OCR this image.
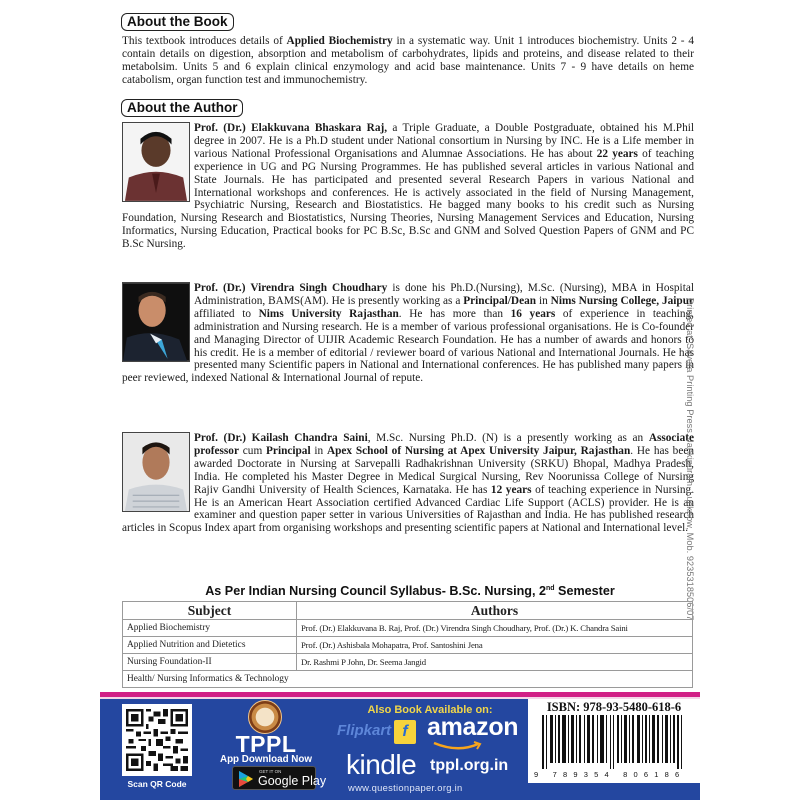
About the Book
This textbook introduces details of Applied Biochemistry in a systematic way. Unit 1 introduces biochemistry. Units 2 - 4 contain details on digestion, absorption and metabolism of carbohydrates, lipids and proteins, and disease related to their metabolsim. Units 5 and 6 explain clinical enzymology and acid base maintenance. Units 7 - 9 have details on heme catabolism, organ function test and immunochemistry.
About the Author
Prof. (Dr.) Elakkuvana Bhaskara Raj, a Triple Graduate, a Double Postgraduate, obtained his M.Phil degree in 2007. He is a Ph.D student under National consortium in Nursing by INC. He is a Life member in various National Professional Organisations and Alumnae Associations. He has about 22 years of teaching experience in UG and PG Nursing Programmes. He has published several articles in various National and State Journals. He has participated and presented several Research Papers in various National and International workshops and conferences. He is actively associated in the field of Nursing Management, Psychiatric Nursing, Research and Biostatistics. He bagged many books to his credit such as Nursing Foundation, Nursing Research and Biostatistics, Nursing Theories, Nursing Management Services and Education, Nursing Informatics, Nursing Education, Practical books for PC B.Sc, B.Sc and GNM and Solved Question Papers of GNM and PC B.Sc Nursing.
Prof. (Dr.) Virendra Singh Choudhary is done his Ph.D.(Nursing), M.Sc. (Nursing), MBA in Hospital Administration, BAMS(AM). He is presently working as a Principal/Dean in Nims Nursing College, Jaipur affiliated to Nims University Rajasthan. He has more than 16 years of experience in teaching, administration and Nursing research. He is a member of various professional organisations. He is Co-founder and Managing Director of UIJIR Academic Research Foundation. He has a number of awards and honors to his credit. He is a member of editorial / reviewer board of various National and International Journals. He has presented many Scientific papers in National and International conferences. He has published many papers in peer reviewed, indexed National & International Journal of repute.
Prof. (Dr.) Kailash Chandra Saini, M.Sc. Nursing Ph.D. (N) is a presently working as an Associate professor cum Principal in Apex School of Nursing at Apex University Jaipur, Rajasthan. He has been awarded Doctorate in Nursing at Sarvepalli Radhakrishnan University (SRKU) Bhopal, Madhya Pradesh, India. He completed his Master Degree in Medical Surgical Nursing, Rev Noorunissa College of Nursing Rajiv Gandhi University of Health Sciences, Karnataka. He has 12 years of teaching experience in Nursing. He is an American Heart Association certified Advanced Cardiac Life Support (ACLS) provider. He is an examiner and question paper setter in various Universities of Rajasthan and India. He has published research articles in Scopus Index apart from organising workshops and presenting scientific papers at National and International level.
Printed at: Savera Printing Press, Jankipuram, Lucknow, Mob. 9235318506/07
As Per Indian Nursing Council Syllabus- B.Sc. Nursing, 2nd Semester
Subject	Authors
Applied Biochemistry	Prof. (Dr.) Elakkuvana B. Raj, Prof. (Dr.) Virendra Singh Choudhary, Prof. (Dr.) K. Chandra Saini
Applied Nutrition and Dietetics	Prof. (Dr.) Ashisbala Mohapatra, Prof. Santoshini Jena
Nursing Foundation-II	Dr. Rashmi P John, Dr. Seema Jangid
Health/ Nursing Informatics & Technology	
Scan QR Code
TPPL
App Download Now
GET IT ON
Google Play
Also Book Available on:
Flipkart f amazon
kindle tppl.org.in
www.questionpaper.org.in
ISBN: 978-93-5480-618-6
9 789354 806186
